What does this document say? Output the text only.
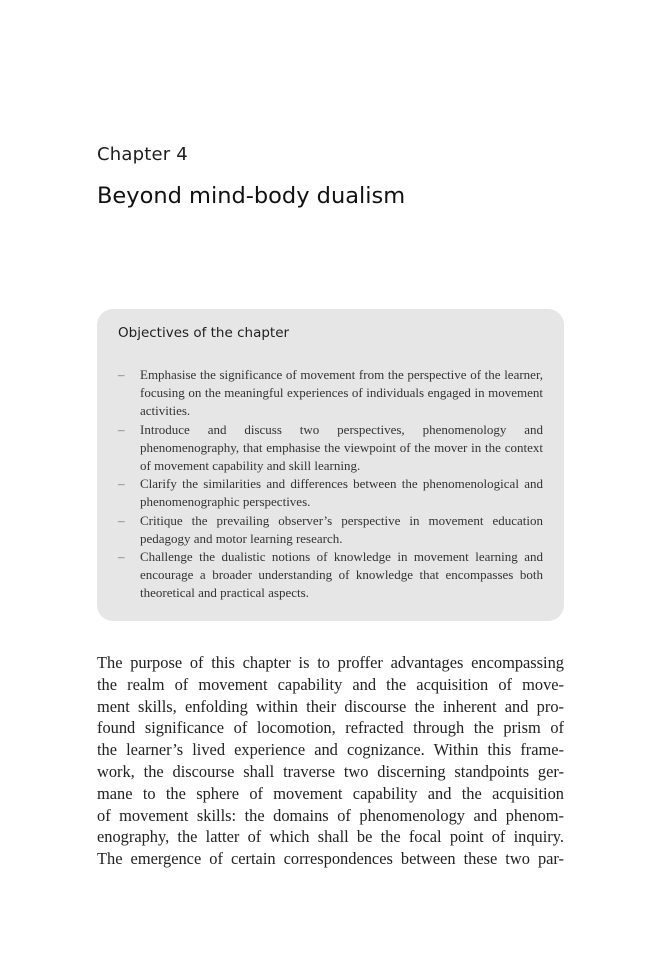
Chapter 4
Beyond mind-body dualism
Objectives of the chapter
– Emphasise the significance of movement from the perspective of the learner, focusing on the meaningful experiences of individuals engaged in movement activities.
– Introduce and discuss two perspectives, phenomenology and phenomenography, that emphasise the viewpoint of the mover in the context of movement capability and skill learning.
– Clarify the similarities and differences between the phenomenological and phenomenographic perspectives.
– Critique the prevailing observer’s perspective in movement education pedagogy and motor learning research.
– Challenge the dualistic notions of knowledge in movement learning and encourage a broader understanding of knowledge that encompasses both theoretical and practical aspects.
The purpose of this chapter is to proffer advantages encompassing
the realm of movement capability and the acquisition of move-
ment skills, enfolding within their discourse the inherent and pro-
found significance of locomotion, refracted through the prism of
the learner’s lived experience and cognizance. Within this frame-
work, the discourse shall traverse two discerning standpoints ger-
mane to the sphere of movement capability and the acquisition
of movement skills: the domains of phenomenology and phenom-
enography, the latter of which shall be the focal point of inquiry.
The emergence of certain correspondences between these two par-
